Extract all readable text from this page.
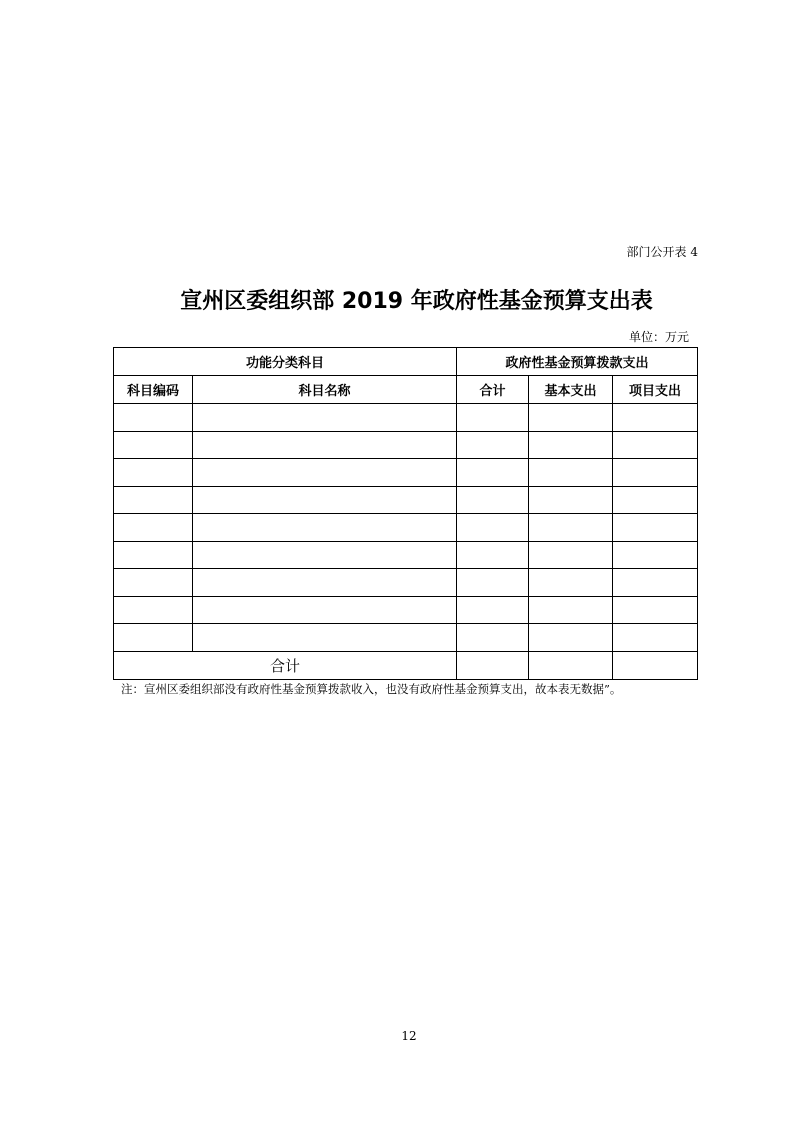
部门公开表 4
宣州区委组织部 2019 年政府性基金预算支出表
单位：万元
功能分类科目		政府性基金预算拨款支出		
科目编码	科目名称	合计	基本支出	项目支出

合计				
注：宣州区委组织部没有政府性基金预算拨款收入，也没有政府性基金预算支出，故本表无数据”。
12
